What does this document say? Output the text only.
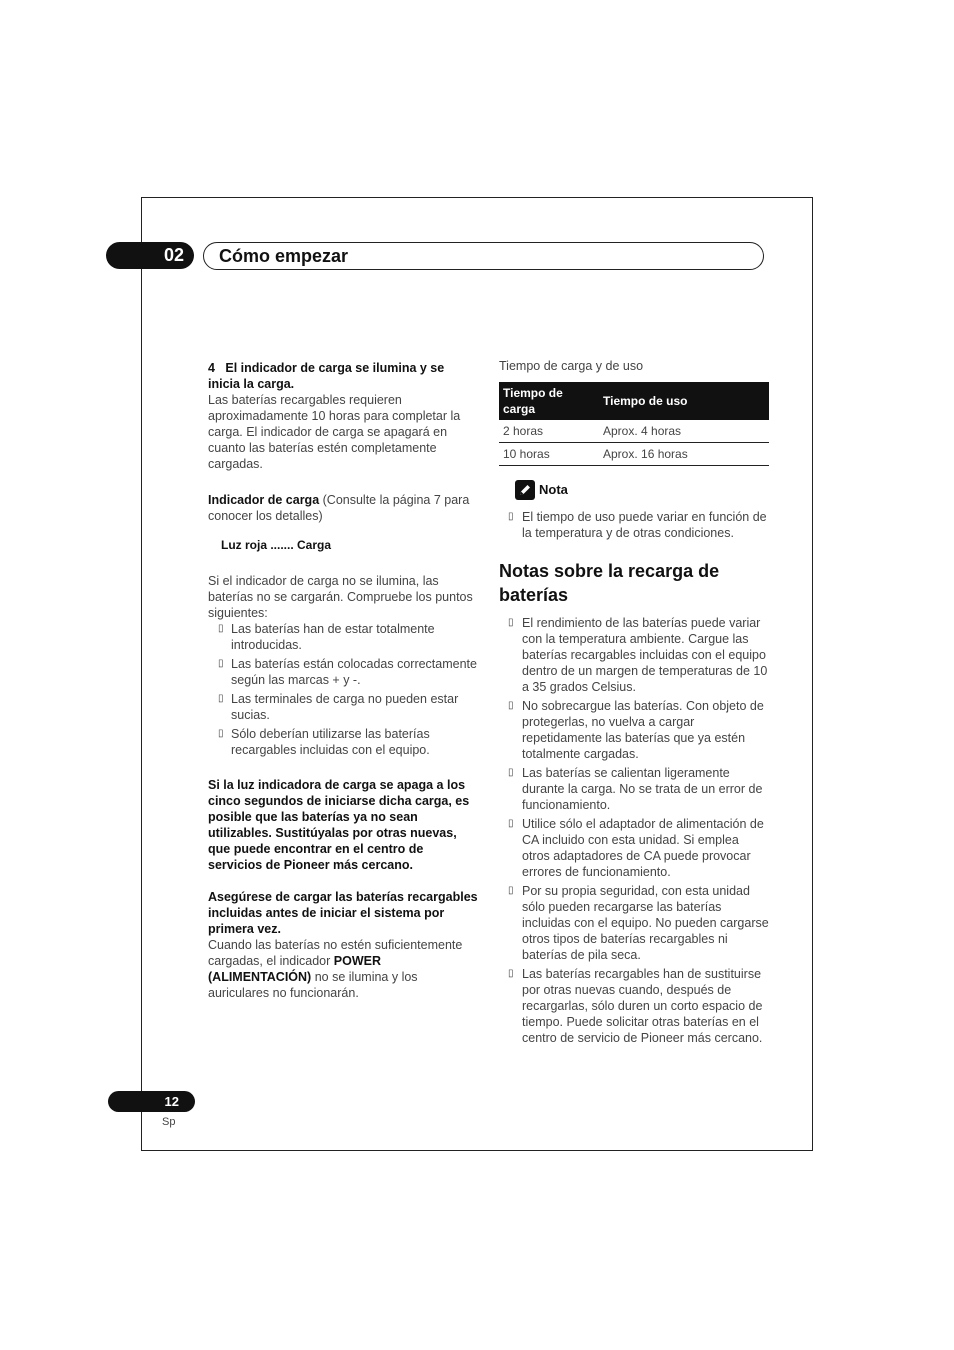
02	Cómo empezar

4 El indicador de carga se ilumina y se inicia la carga.

Las baterías recargables requieren aproximadamente 10 horas para completar la carga. El indicador de carga se apagará en cuanto las baterías estén completamente cargadas.

Indicador de carga (Consulte la página 7 para conocer los detalles)

Luz roja ....... Carga

Si el indicador de carga no se ilumina, las baterías no se cargarán. Compruebe los puntos siguientes:

▯ Las baterías han de estar totalmente introducidas.
▯ Las baterías están colocadas correctamente según las marcas + y -.
▯ Las terminales de carga no pueden estar sucias.
▯ Sólo deberían utilizarse las baterías recargables incluidas con el equipo.

Si la luz indicadora de carga se apaga a los cinco segundos de iniciarse dicha carga, es posible que las baterías ya no sean utilizables. Sustitúyalas por otras nuevas, que puede encontrar en el centro de servicios de Pioneer más cercano.

Asegúrese de cargar las baterías recargables incluidas antes de iniciar el sistema por primera vez.

Cuando las baterías no estén suficientemente cargadas, el indicador POWER (ALIMENTACIÓN) no se ilumina y los auriculares no funcionarán.

Tiempo de carga y de uso

Tiempo de carga	Tiempo de uso
2 horas	Aprox. 4 horas
10 horas	Aprox. 16 horas
Nota
▯ El tiempo de uso puede variar en función de la temperatura y de otras condiciones.
Notas sobre la recarga de baterías
▯ El rendimiento de las baterías puede variar con la temperatura ambiente. Cargue las baterías recargables incluidas con el equipo dentro de un margen de temperaturas de 10 a 35 grados Celsius.
▯ No sobrecargue las baterías. Con objeto de protegerlas, no vuelva a cargar repetidamente las baterías que ya estén totalmente cargadas.
▯ Las baterías se calientan ligeramente durante la carga. No se trata de un error de funcionamiento.
▯ Utilice sólo el adaptador de alimentación de CA incluido con esta unidad. Si emplea otros adaptadores de CA puede provocar errores de funcionamiento.
▯ Por su propia seguridad, con esta unidad sólo pueden recargarse las baterías incluidas con el equipo. No pueden cargarse otros tipos de baterías recargables ni baterías de pila seca.
▯ Las baterías recargables han de sustituirse por otras nuevas cuando, después de recargarlas, sólo duren un corto espacio de tiempo. Puede solicitar otras baterías en el centro de servicio de Pioneer más cercano.
12
Sp
